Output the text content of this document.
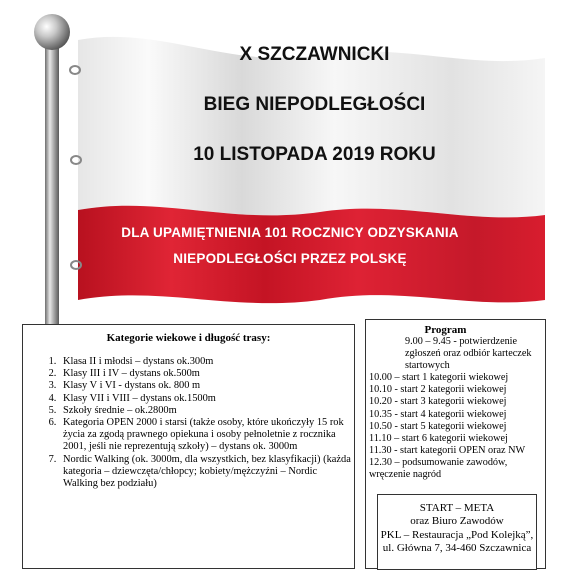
X SZCZAWNICKI
BIEG NIEPODLEGŁOŚCI
10 LISTOPADA 2019 ROKU
DLA UPAMIĘTNIENIA 101 ROCZNICY ODZYSKANIA
NIEPODLEGŁOŚCI PRZEZ POLSKĘ
Kategorie wiekowe i długość trasy:
1. Klasa II i młodsi – dystans ok.300m
2. Klasy III i IV – dystans ok.500m
3. Klasy V i VI - dystans ok. 800 m
4. Klasy VII i VIII – dystans ok.1500m
5. Szkoły średnie – ok.2800m
6. Kategoria OPEN 2000 i starsi (także osoby, które ukończyły 15 rok życia za zgodą prawnego opiekuna i osoby pełnoletnie z rocznika 2001, jeśli nie reprezentują szkoły) – dystans ok. 3000m
7. Nordic Walking (ok. 3000m, dla wszystkich, bez klasyfikacji) (każda kategoria – dziewczęta/chłopcy; kobiety/mężczyźni – Nordic Walking bez podziału)
Program
9.00 – 9.45 - potwierdzenie zgłoszeń oraz odbiór karteczek startowych
10.00 – start 1 kategorii wiekowej
10.10 - start 2 kategorii wiekowej
10.20 - start 3 kategorii wiekowej
10.35 - start 4 kategorii wiekowej
10.50 - start 5 kategorii wiekowej
11.10 – start 6 kategorii wiekowej
11.30 - start kategorii OPEN oraz NW
12.30 – podsumowanie zawodów, wręczenie nagród
START – META
oraz Biuro Zawodów
PKL – Restauracja „Pod Kolejką”, ul. Główna 7, 34-460 Szczawnica
